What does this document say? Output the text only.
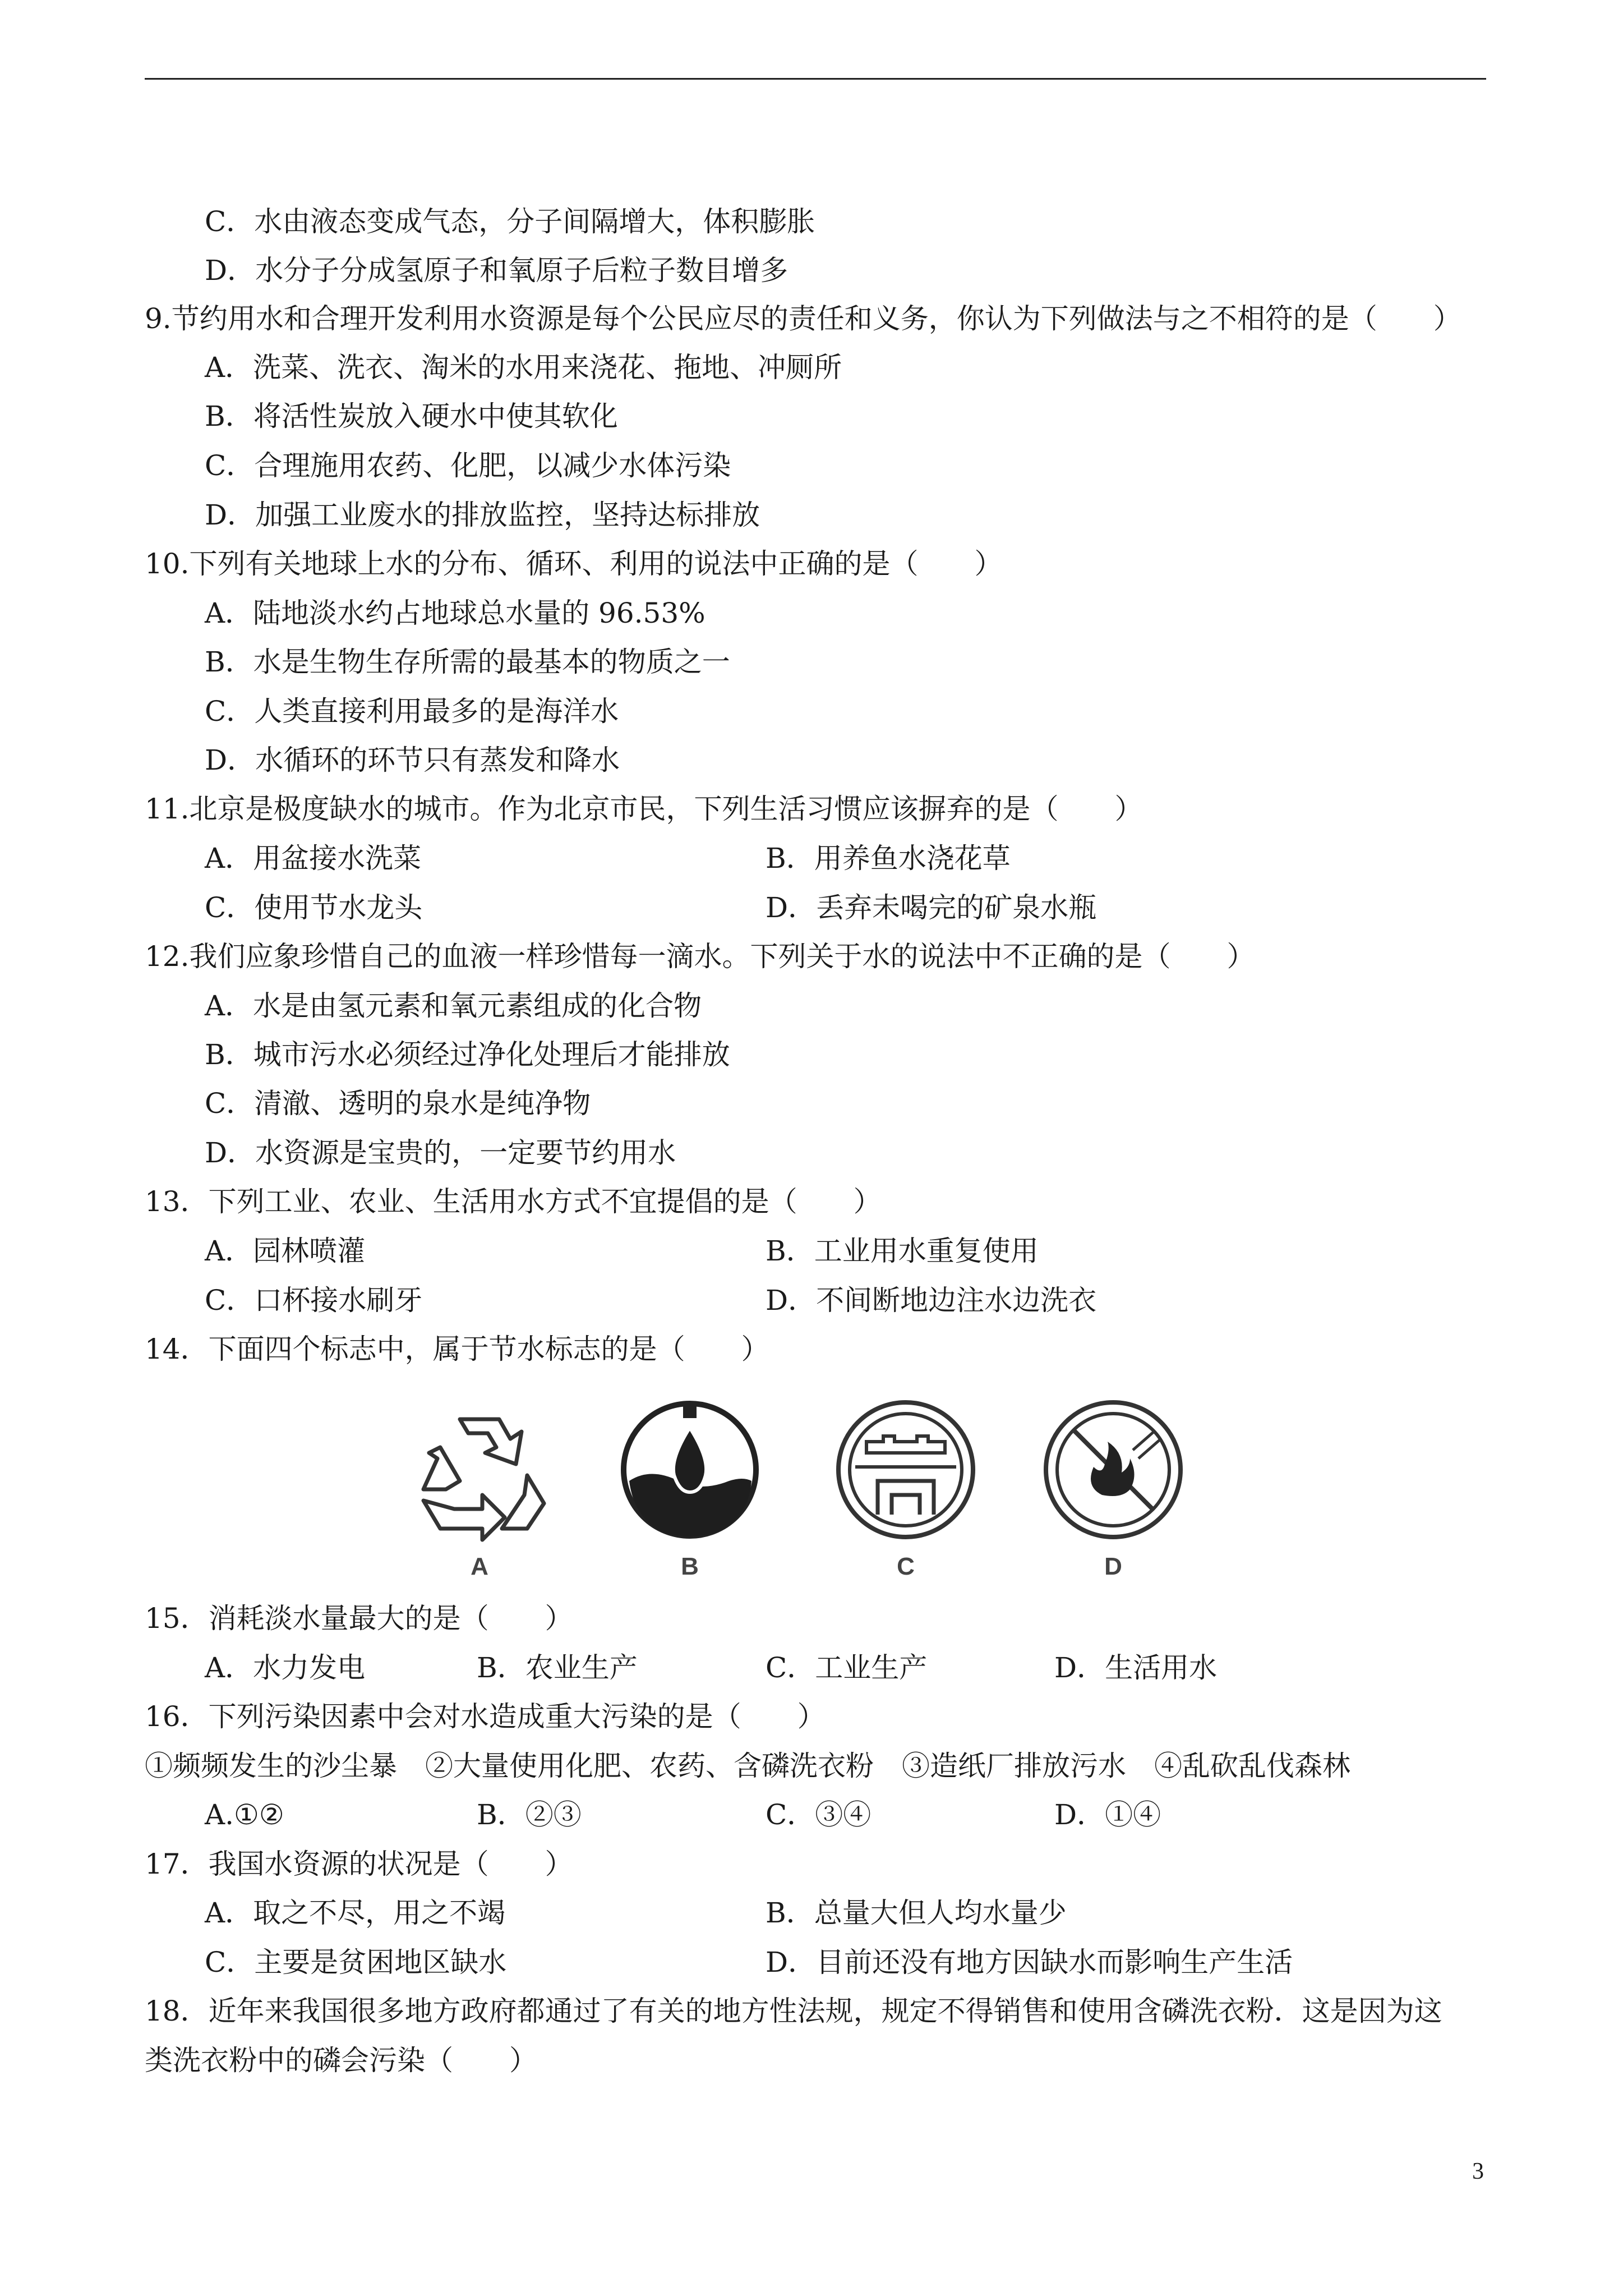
C．水由液态变成气态，分子间隔增大，体积膨胀
D．水分子分成氢原子和氧原子后粒子数目增多
9.节约用水和合理开发利用水资源是每个公民应尽的责任和义务，你认为下列做法与之不相符的是（　　）
A．洗菜、洗衣、淘米的水用来浇花、拖地、冲厕所
B．将活性炭放入硬水中使其软化
C．合理施用农药、化肥，以减少水体污染
D．加强工业废水的排放监控，坚持达标排放
10.下列有关地球上水的分布、循环、利用的说法中正确的是（　　）
A．陆地淡水约占地球总水量的 96.53%
B．水是生物生存所需的最基本的物质之一
C．人类直接利用最多的是海洋水
D．水循环的环节只有蒸发和降水
11.北京是极度缺水的城市。作为北京市民，下列生活习惯应该摒弃的是（　　）
A．用盆接水洗菜	B．用养鱼水浇花草
C．使用节水龙头	D．丢弃未喝完的矿泉水瓶
12.我们应象珍惜自己的血液一样珍惜每一滴水。下列关于水的说法中不正确的是（　　）
A．水是由氢元素和氧元素组成的化合物
B．城市污水必须经过净化处理后才能排放
C．清澈、透明的泉水是纯净物
D．水资源是宝贵的，一定要节约用水
13．下列工业、农业、生活用水方式不宜提倡的是（　　）
A．园林喷灌	B．工业用水重复使用
C．口杯接水刷牙	D．不间断地边注水边洗衣
14．下面四个标志中，属于节水标志的是（　　）
A	B	C	D
15．消耗淡水量最大的是（　　）
A．水力发电	B．农业生产	C．工业生产	D．生活用水
16．下列污染因素中会对水造成重大污染的是（　　）
①频频发生的沙尘暴　②大量使用化肥、农药、含磷洗衣粉　③造纸厂排放污水　④乱砍乱伐森林
A.①②	B．②③	C．③④	D．①④
17．我国水资源的状况是（　　）
A．取之不尽，用之不竭	B．总量大但人均水量少
C．主要是贫困地区缺水	D．目前还没有地方因缺水而影响生产生活
18．近年来我国很多地方政府都通过了有关的地方性法规，规定不得销售和使用含磷洗衣粉．这是因为这
类洗衣粉中的磷会污染（　　）
3
